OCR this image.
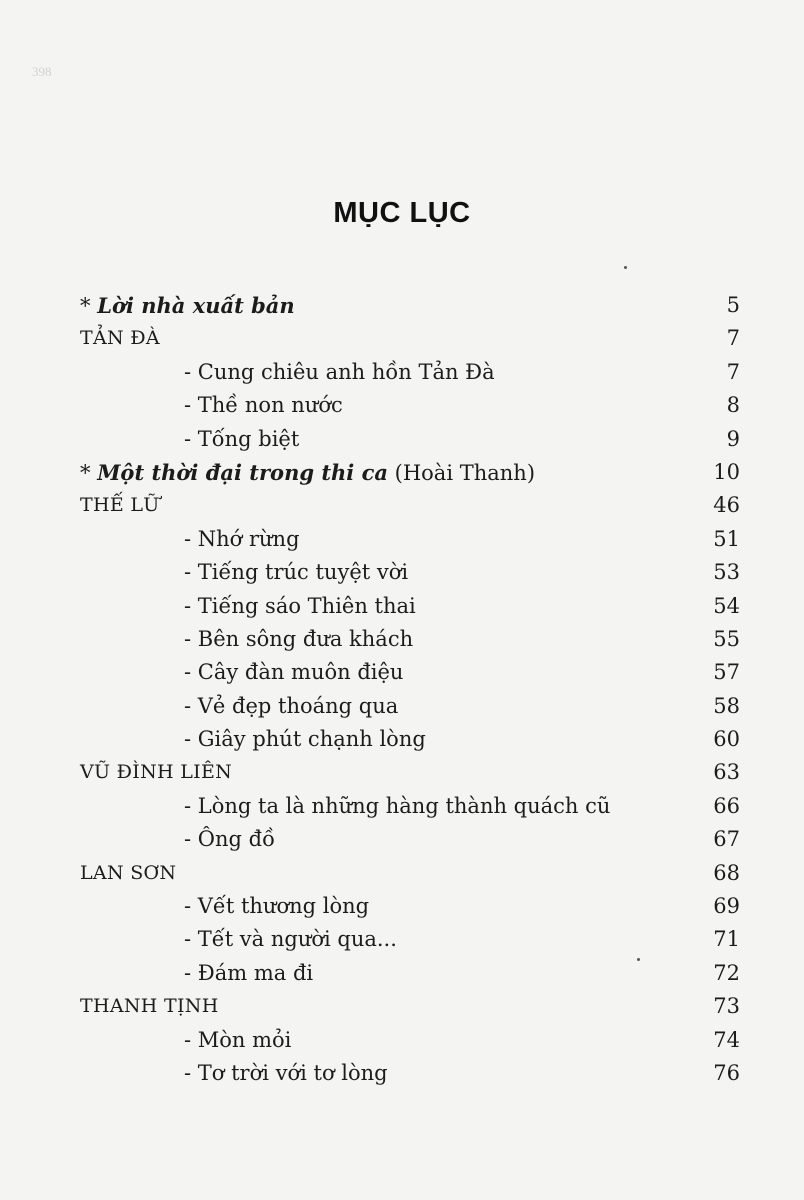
398
MỤC LỤC
* Lời nhà xuất bản	5
TẢN ĐÀ	7
- Cung chiêu anh hồn Tản Đà	7
- Thề non nước	8
- Tống biệt	9
* Một thời đại trong thi ca (Hoài Thanh)	10
THẾ LỮ	46
- Nhớ rừng	51
- Tiếng trúc tuyệt vời	53
- Tiếng sáo Thiên thai	54
- Bên sông đưa khách	55
- Cây đàn muôn điệu	57
- Vẻ đẹp thoáng qua	58
- Giây phút chạnh lòng	60
VŨ ĐÌNH LIÊN	63
- Lòng ta là những hàng thành quách cũ	66
- Ông đồ	67
LAN SƠN	68
- Vết thương lòng	69
- Tết và người qua...	71
- Đám ma đi	72
THANH TỊNH	73
- Mòn mỏi	74
- Tơ trời với tơ lòng	76
